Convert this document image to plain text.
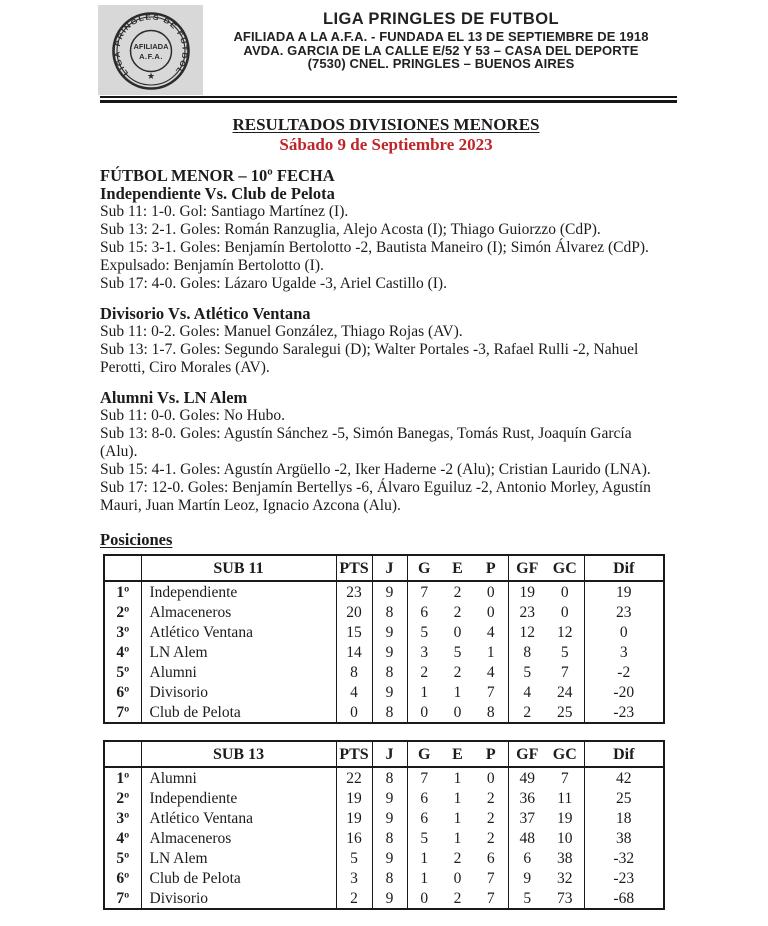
LIGA PRINGLES DE FUTBOL
AFILIADA
A.F.A.
★
LIGA PRINGLES DE FUTBOL
AFILIADA A LA A.F.A. - FUNDADA EL 13 DE SEPTIEMBRE DE 1918
AVDA. GARCIA DE LA CALLE E/52 Y 53 – CASA DEL DEPORTE
(7530) CNEL. PRINGLES – BUENOS AIRES
RESULTADOS DIVISIONES MENORES
Sábado 9 de Septiembre 2023
FÚTBOL MENOR – 10º FECHA
Independiente Vs. Club de Pelota
Sub 11: 1-0. Gol: Santiago Martínez (I).
Sub 13: 2-1. Goles: Román Ranzuglia, Alejo Acosta (I); Thiago Guiorzzo (CdP).
Sub 15: 3-1. Goles: Benjamín Bertolotto -2, Bautista Maneiro (I); Simón Álvarez (CdP). Expulsado: Benjamín Bertolotto (I).
Sub 17: 4-0. Goles: Lázaro Ugalde -3, Ariel Castillo (I).
Divisorio Vs. Atlético Ventana
Sub 11: 0-2. Goles: Manuel González, Thiago Rojas (AV).
Sub 13: 1-7. Goles: Segundo Saralegui (D); Walter Portales -3, Rafael Rulli -2, Nahuel Perotti, Ciro Morales (AV).
Alumni Vs. LN Alem
Sub 11: 0-0. Goles: No Hubo.
Sub 13: 8-0. Goles: Agustín Sánchez -5, Simón Banegas, Tomás Rust, Joaquín García (Alu).
Sub 15: 4-1. Goles: Agustín Argüello -2, Iker Haderne -2 (Alu); Cristian Laurido (LNA).
Sub 17: 12-0. Goles: Benjamín Bertellys -6, Álvaro Eguiluz -2, Antonio Morley, Agustín Mauri, Juan Martín Leoz, Ignacio Azcona (Alu).
Posiciones
	SUB 11	PTS	J	G	E	P	GF	GC	Dif
1º	Independiente	23	9	7	2	0	19	0	19
2º	Almaceneros	20	8	6	2	0	23	0	23
3º	Atlético Ventana	15	9	5	0	4	12	12	0
4º	LN Alem	14	9	3	5	1	8	5	3
5º	Alumni	8	8	2	2	4	5	7	-2
6º	Divisorio	4	9	1	1	7	4	24	-20
7º	Club de Pelota	0	8	0	0	8	2	25	-23
	SUB 13	PTS	J	G	E	P	GF	GC	Dif
1º	Alumni	22	8	7	1	0	49	7	42
2º	Independiente	19	9	6	1	2	36	11	25
3º	Atlético Ventana	19	9	6	1	2	37	19	18
4º	Almaceneros	16	8	5	1	2	48	10	38
5º	LN Alem	5	9	1	2	6	6	38	-32
6º	Club de Pelota	3	8	1	0	7	9	32	-23
7º	Divisorio	2	9	0	2	7	5	73	-68
